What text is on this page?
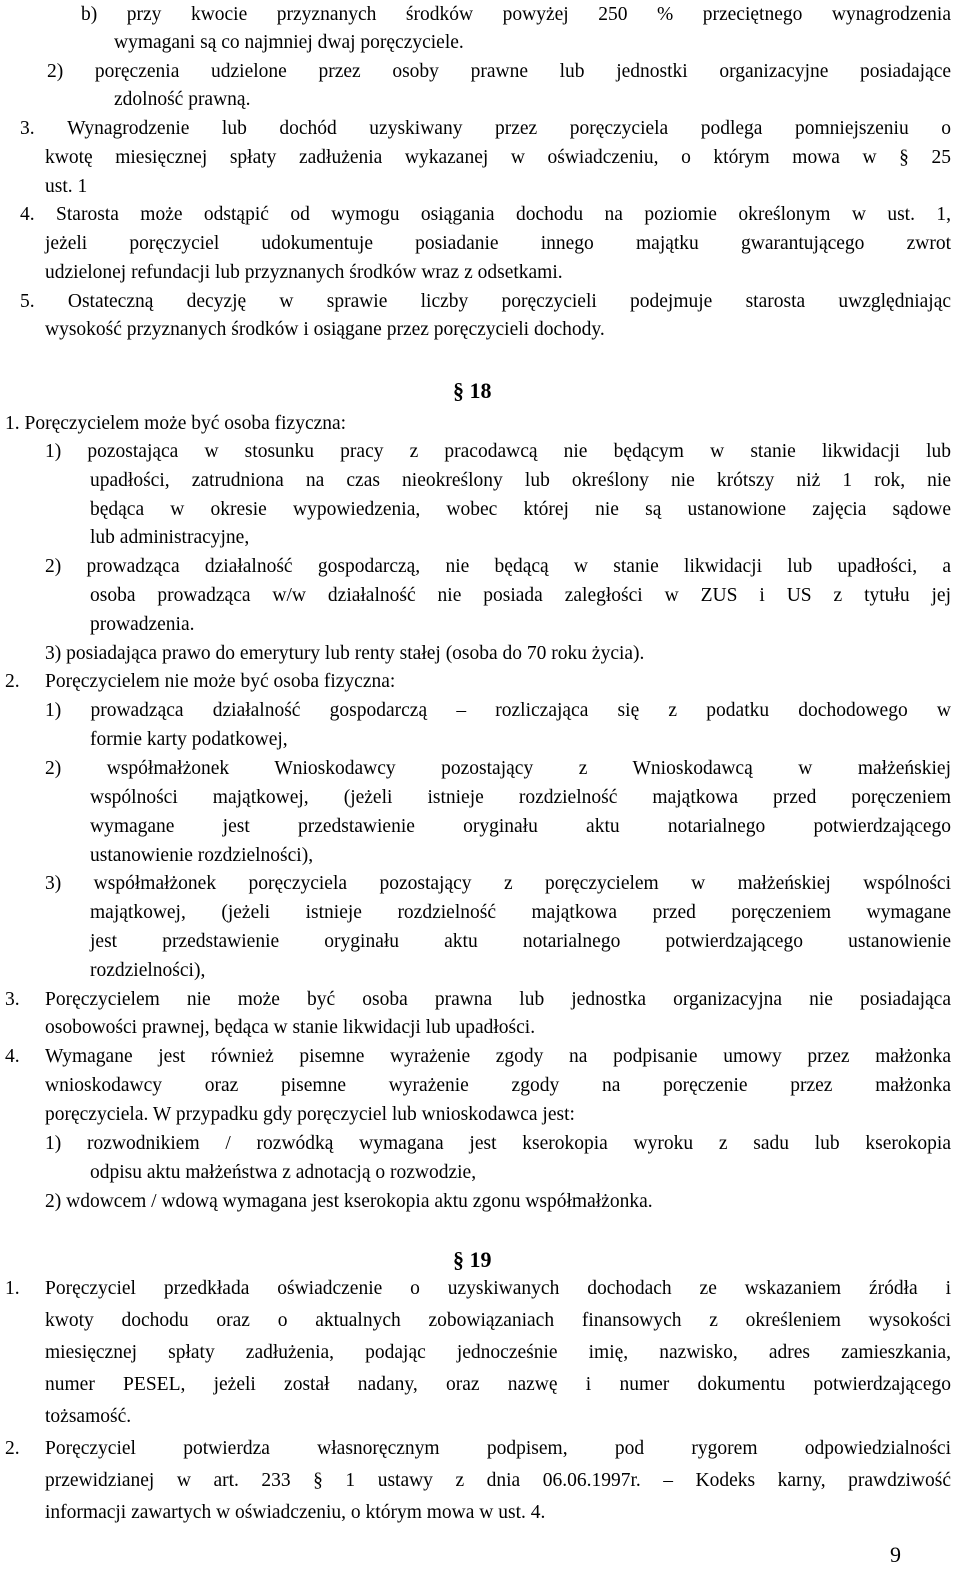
b) przy kwocie przyznanych środków powyżej 250 % przeciętnego wynagrodzenia
wymagani są co najmniej dwaj poręczyciele.
2) poręczenia udzielone przez osoby prawne lub jednostki organizacyjne posiadające
zdolność prawną.
3. Wynagrodzenie lub dochód uzyskiwany przez poręczyciela podlega pomniejszeniu o
kwotę miesięcznej spłaty zadłużenia wykazanej w oświadczeniu, o którym mowa w § 25
ust. 1
4. Starosta może odstąpić od wymogu osiągania dochodu na poziomie określonym w ust. 1,
jeżeli poręczyciel udokumentuje posiadanie innego majątku gwarantującego zwrot
udzielonej refundacji lub przyznanych środków wraz z odsetkami.
5. Ostateczną decyzję w sprawie liczby poręczycieli podejmuje starosta uwzględniając
wysokość przyznanych środków i osiągane przez poręczycieli dochody.
§ 18
1. Poręczycielem może być osoba fizyczna:
1) pozostająca w stosunku pracy z pracodawcą nie będącym w stanie likwidacji lub
upadłości, zatrudniona na czas nieokreślony lub określony nie krótszy niż 1 rok, nie
będąca w okresie wypowiedzenia, wobec której nie są ustanowione zajęcia sądowe
lub administracyjne,
2) prowadząca działalność gospodarczą, nie będącą w stanie likwidacji lub upadłości, a
osoba prowadząca w/w działalność nie posiada zaległości w ZUS i US z tytułu jej
prowadzenia.
3) posiadająca prawo do emerytury lub renty stałej (osoba do 70 roku życia).
2. Poręczycielem nie może być osoba fizyczna:
1) prowadząca działalność gospodarczą – rozliczająca się z podatku dochodowego w
formie karty podatkowej,
2) współmałżonek Wnioskodawcy pozostający z Wnioskodawcą w małżeńskiej
wspólności majątkowej, (jeżeli istnieje rozdzielność majątkowa przed poręczeniem
wymagane jest przedstawienie oryginału aktu notarialnego potwierdzającego
ustanowienie rozdzielności),
3) współmałżonek poręczyciela pozostający z poręczycielem w małżeńskiej wspólności
majątkowej, (jeżeli istnieje rozdzielność majątkowa przed poręczeniem wymagane
jest przedstawienie oryginału aktu notarialnego potwierdzającego ustanowienie
rozdzielności),
3. Poręczycielem nie może być osoba prawna lub jednostka organizacyjna nie posiadająca
osobowości prawnej, będąca w stanie likwidacji lub upadłości.
4. Wymagane jest również pisemne wyrażenie zgody na podpisanie umowy przez małżonka
wnioskodawcy oraz pisemne wyrażenie zgody na poręczenie przez małżonka
poręczyciela. W przypadku gdy poręczyciel lub wnioskodawca jest:
1) rozwodnikiem / rozwódką wymagana jest kserokopia wyroku z sadu lub kserokopia
odpisu aktu małżeństwa z adnotacją o rozwodzie,
2) wdowcem / wdową wymagana jest kserokopia aktu zgonu współmałżonka.
§ 19
1. Poręczyciel przedkłada oświadczenie o uzyskiwanych dochodach ze wskazaniem źródła i
kwoty dochodu oraz o aktualnych zobowiązaniach finansowych z określeniem wysokości
miesięcznej spłaty zadłużenia, podając jednocześnie imię, nazwisko, adres zamieszkania,
numer PESEL, jeżeli został nadany, oraz nazwę i numer dokumentu potwierdzającego
tożsamość.
2. Poręczyciel potwierdza własnoręcznym podpisem, pod rygorem odpowiedzialności
przewidzianej w art. 233 § 1 ustawy z dnia 06.06.1997r. – Kodeks karny, prawdziwość
informacji zawartych w oświadczeniu, o którym mowa w ust. 4.
9
